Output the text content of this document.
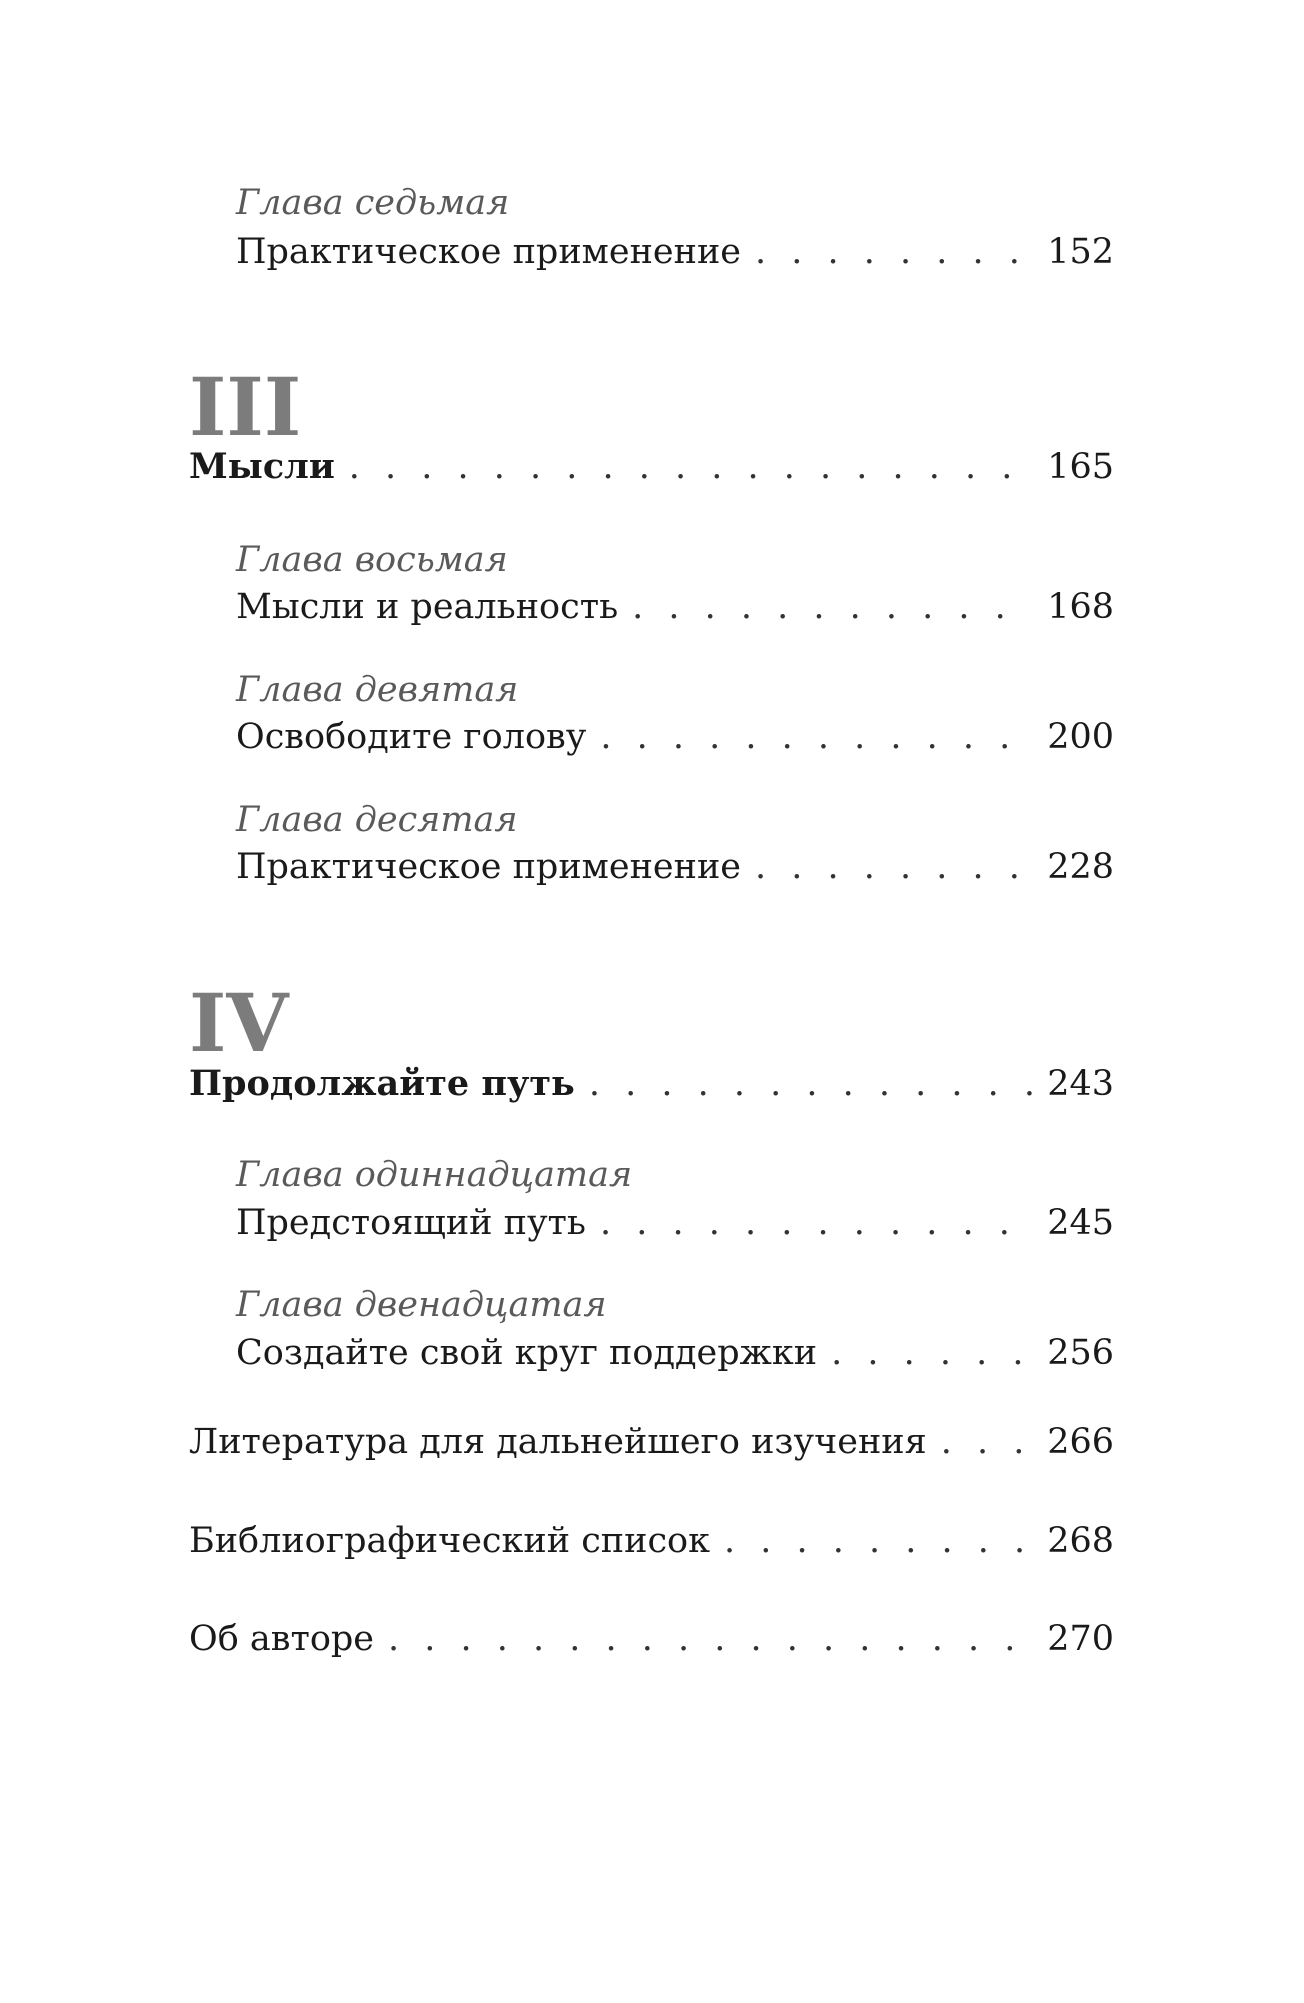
Глава седьмая
Практическое применение . . .	152
III
Мысли . . .	165
Глава восьмая
Мысли и реальность . . .	168
Глава девятая
Освободите голову . . .	200
Глава десятая
Практическое применение . . .	228
IV
Продолжайте путь . . .	243
Глава одиннадцатая
Предстоящий путь . . .	245
Глава двенадцатая
Создайте свой круг поддержки . . .	256
Литература для дальнейшего изучения . . .	266
Библиографический список . . .	268
Об авторе . . .	270
